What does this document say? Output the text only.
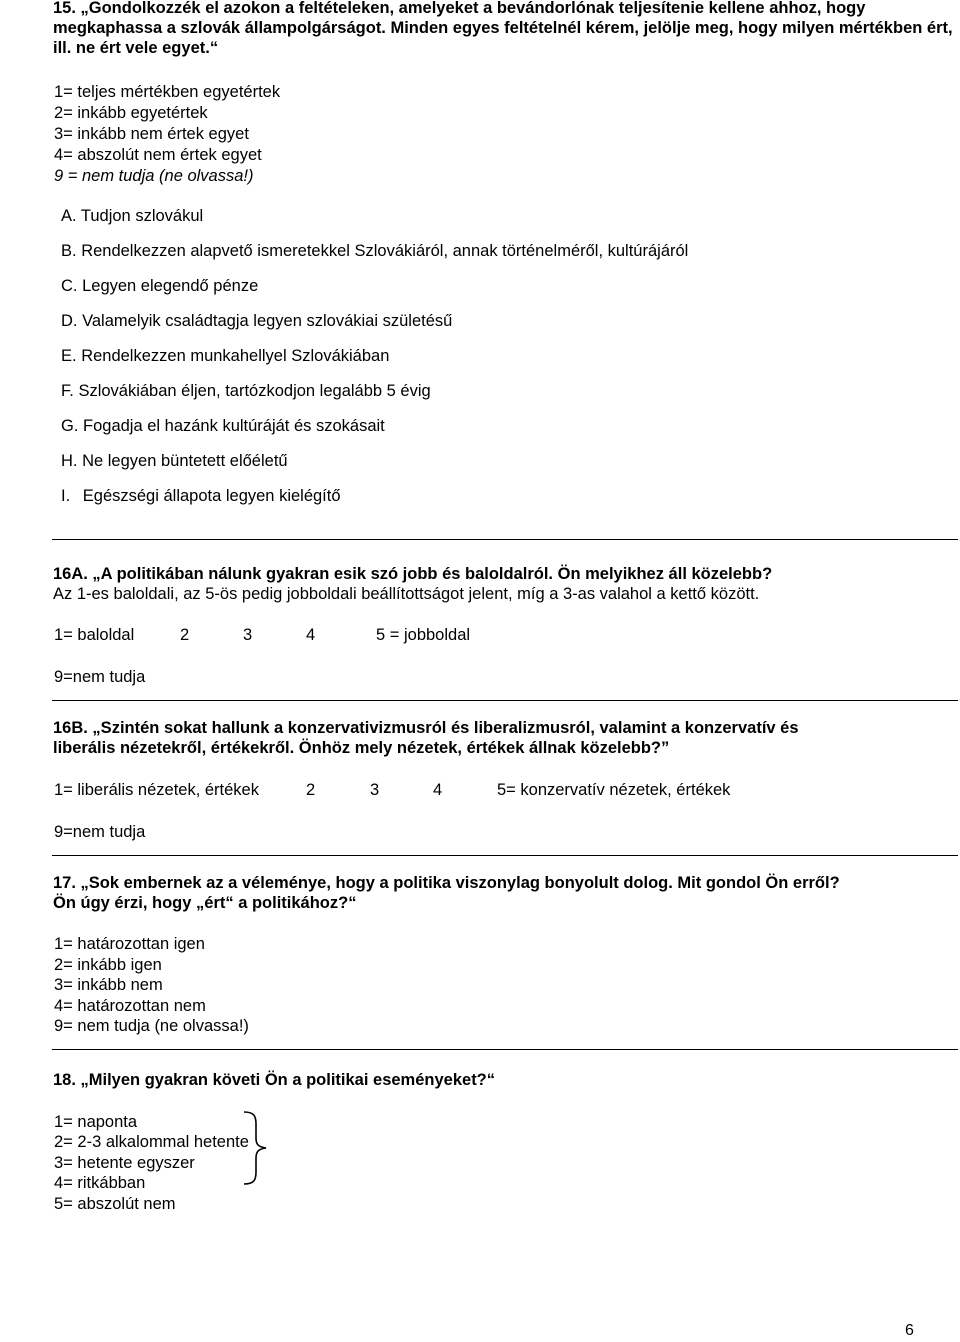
15. „Gondolkozzék el azokon a feltételeken, amelyeket a bevándorlónak teljesítenie kellene ahhoz, hogy megkaphassa a szlovák állampolgárságot. Minden egyes feltételnél kérem, jelölje meg, hogy milyen mértékben ért, ill. ne ért vele egyet.“
1= teljes mértékben egyetértek
2= inkább egyetértek
3= inkább nem értek egyet
4= abszolút nem értek egyet
9 = nem tudja (ne olvassa!)
A. Tudjon szlovákul
B. Rendelkezzen alapvető ismeretekkel Szlovákiáról, annak történelméről, kultúrájáról
C. Legyen elegendő pénze
D. Valamelyik családtagja legyen szlovákiai születésű
E. Rendelkezzen munkahellyel Szlovákiában
F. Szlovákiában éljen, tartózkodjon legalább 5 évig
G. Fogadja el hazánk kultúráját és szokásait
H. Ne legyen büntetett előéletű
I. Egészségi állapota legyen kielégítő
16A. „A politikában nálunk gyakran esik szó jobb és baloldalról. Ön melyikhez áll közelebb?
Az 1-es baloldali, az 5-ös pedig jobboldali beállítottságot jelent, míg a 3-as valahol a kettő között.
1= baloldal	2	3	4	5 = jobboldal
9=nem tudja
16B. „Szintén sokat hallunk a konzervativizmusról és liberalizmusról, valamint a konzervatív és
liberális nézetekről, értékekről. Önhöz mely nézetek, értékek állnak közelebb?”
1= liberális nézetek, értékek	2	3	4	5= konzervatív nézetek, értékek
9=nem tudja
17. „Sok embernek az a véleménye, hogy a politika viszonylag bonyolult dolog. Mit gondol Ön erről?
Ön úgy érzi, hogy „ért“ a politikához?“
1= határozottan igen
2= inkább igen
3= inkább nem
4= határozottan nem
9= nem tudja (ne olvassa!)
18. „Milyen gyakran követi Ön a politikai eseményeket?“
1= naponta
2= 2-3 alkalommal hetente
3= hetente egyszer
4= ritkábban
5= abszolút nem
6
